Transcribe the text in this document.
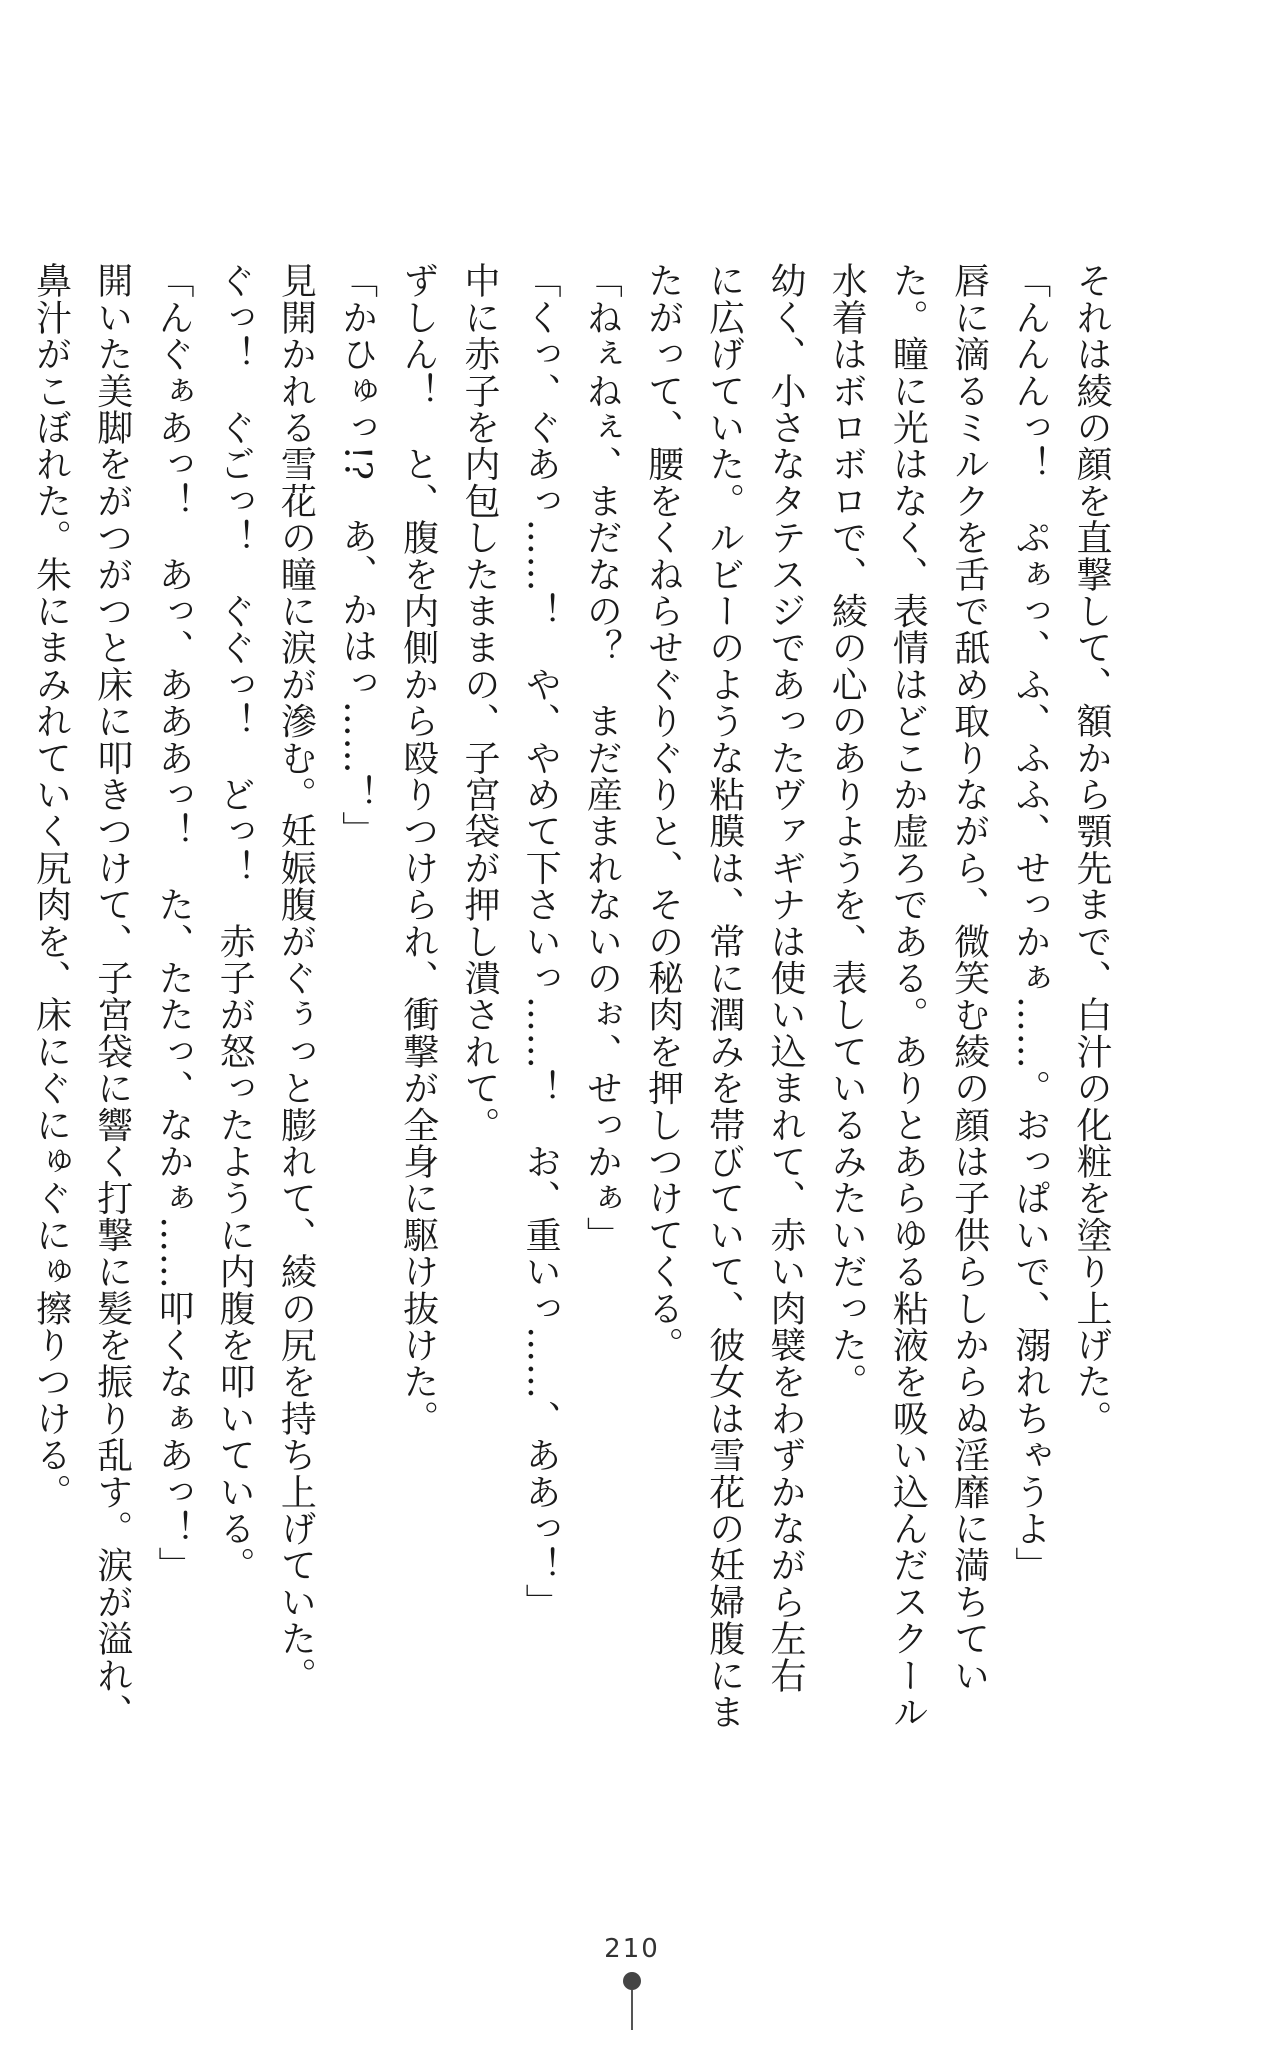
それは綾の顔を直撃して、額から顎先まで、白汁の化粧を塗り上げた。

「んんんっ！　ぷぁっ、ふ、ふふ、せっかぁ……。おっぱいで、溺れちゃうよ」

唇に滴るミルクを舌で舐め取りながら、微笑む綾の顔は子供らしからぬ淫靡に満ちてい

た。瞳に光はなく、表情はどこか虚ろである。ありとあらゆる粘液を吸い込んだスクール

水着はボロボロで、綾の心のありようを、表しているみたいだった。

幼く、小さなタテスジであったヴァギナは使い込まれて、赤い肉襞をわずかながら左右

に広げていた。ルビーのような粘膜は、常に潤みを帯びていて、彼女は雪花の妊婦腹にま

たがって、腰をくねらせぐりぐりと、その秘肉を押しつけてくる。

「ねぇねぇ、まだなの？　まだ産まれないのぉ、せっかぁ」

「くっ、ぐあっ……！　や、やめて下さいっ……！　お、重いっ……、ああっ！」

中に赤子を内包したままの、子宮袋が押し潰されて。

ずしん！　と、腹を内側から殴りつけられ、衝撃が全身に駆け抜けた。

「かひゅっ!?　あ、かはっ……！」

見開かれる雪花の瞳に涙が滲む。妊娠腹がぐぅっと膨れて、綾の尻を持ち上げていた。

ぐっ！　ぐごっ！　ぐぐっ！　どっ！　赤子が怒ったように内腹を叩いている。

「んぐぁあっ！　あっ、あああっ！　た、たたっ、なかぁ……叩くなぁあっ！」

開いた美脚をがつがつと床に叩きつけて、子宮袋に響く打撃に髪を振り乱す。涙が溢れ、

鼻汁がこぼれた。朱にまみれていく尻肉を、床にぐにゅぐにゅ擦りつける。

210
